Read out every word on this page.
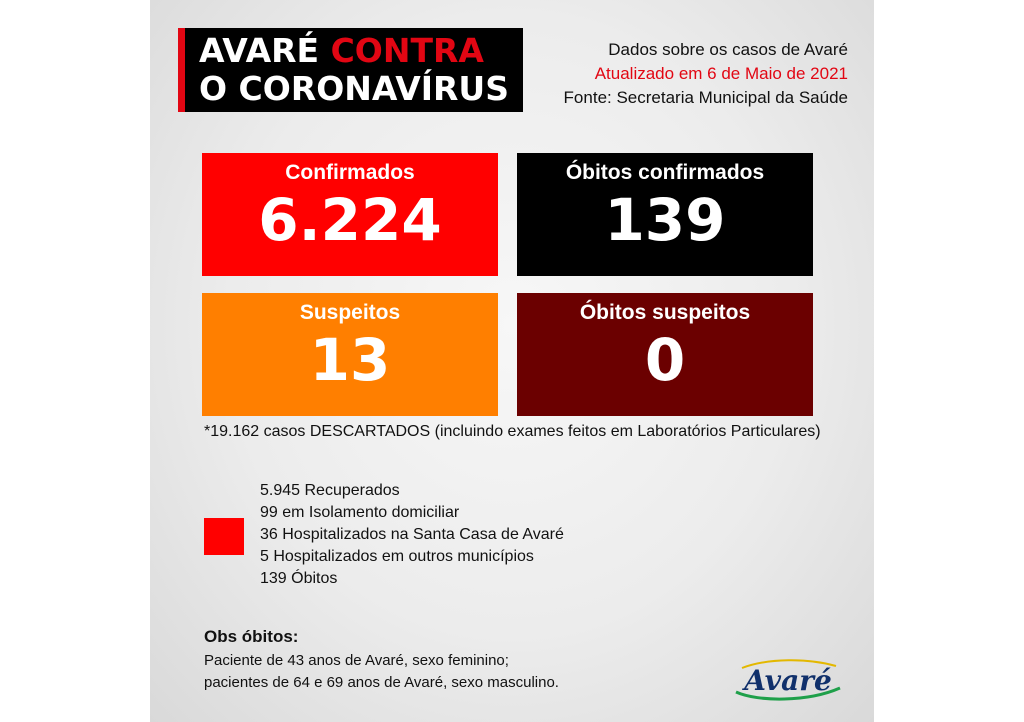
AVARÉ CONTRA
O CORONAVÍRUS
Dados sobre os casos de Avaré
Atualizado em 6 de Maio de 2021
Fonte: Secretaria Municipal da Saúde
Confirmados
6.224
Óbitos confirmados
139
Suspeitos
13
Óbitos suspeitos
0
*19.162 casos DESCARTADOS (incluindo exames feitos em Laboratórios Particulares)
5.945 Recuperados
99 em Isolamento domiciliar
36 Hospitalizados na Santa Casa de Avaré
5 Hospitalizados em outros municípios
139 Óbitos
Obs óbitos:
Paciente de 43 anos de Avaré, sexo feminino;
pacientes de 64 e 69 anos de Avaré, sexo masculino.	Avaré
